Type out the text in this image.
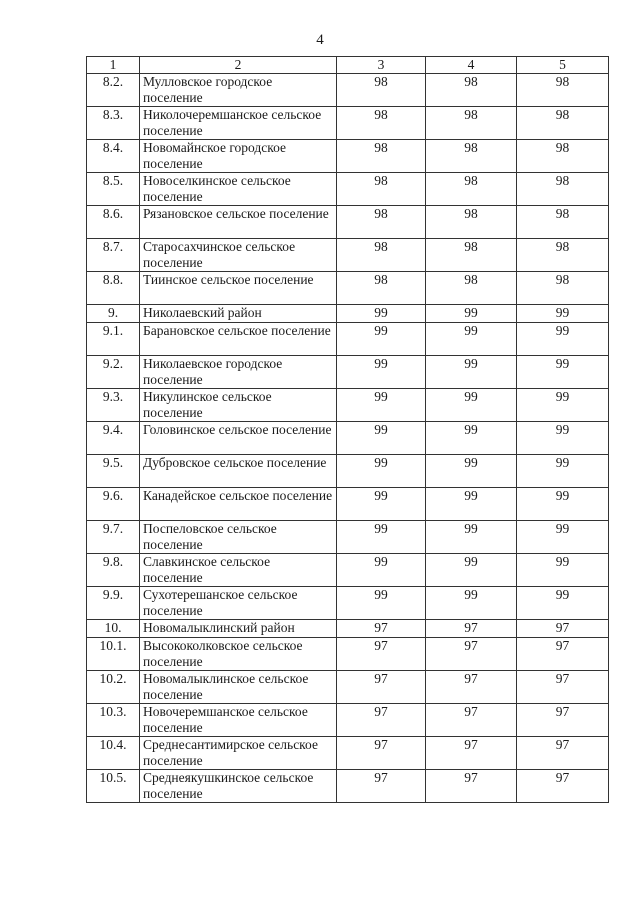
4
1	2	3	4	5
8.2.	Мулловское городское поселение	98	98	98
8.3.	Николочеремшанское сельское поселение	98	98	98
8.4.	Новомайнское городское поселение	98	98	98
8.5.	Новоселкинское сельское поселение	98	98	98
8.6.	Рязановское сельское поселение	98	98	98
8.7.	Старосахчинское сельское поселение	98	98	98
8.8.	Тиинское сельское поселение	98	98	98
9.	Николаевский район	99	99	99
9.1.	Барановское сельское поселение	99	99	99
9.2.	Николаевское городское поселение	99	99	99
9.3.	Никулинское сельское поселение	99	99	99
9.4.	Головинское сельское поселение	99	99	99
9.5.	Дубровское сельское поселение	99	99	99
9.6.	Канадейское сельское поселение	99	99	99
9.7.	Поспеловское сельское поселение	99	99	99
9.8.	Славкинское сельское поселение	99	99	99
9.9.	Сухотерешанское сельское поселение	99	99	99
10.	Новомалыклинский район	97	97	97
10.1.	Высококолковское сельское поселение	97	97	97
10.2.	Новомалыклинское сельское поселение	97	97	97
10.3.	Новочеремшанское сельское поселение	97	97	97
10.4.	Среднесантимирское сельское поселение	97	97	97
10.5.	Среднеякушкинское сельское поселение	97	97	97
